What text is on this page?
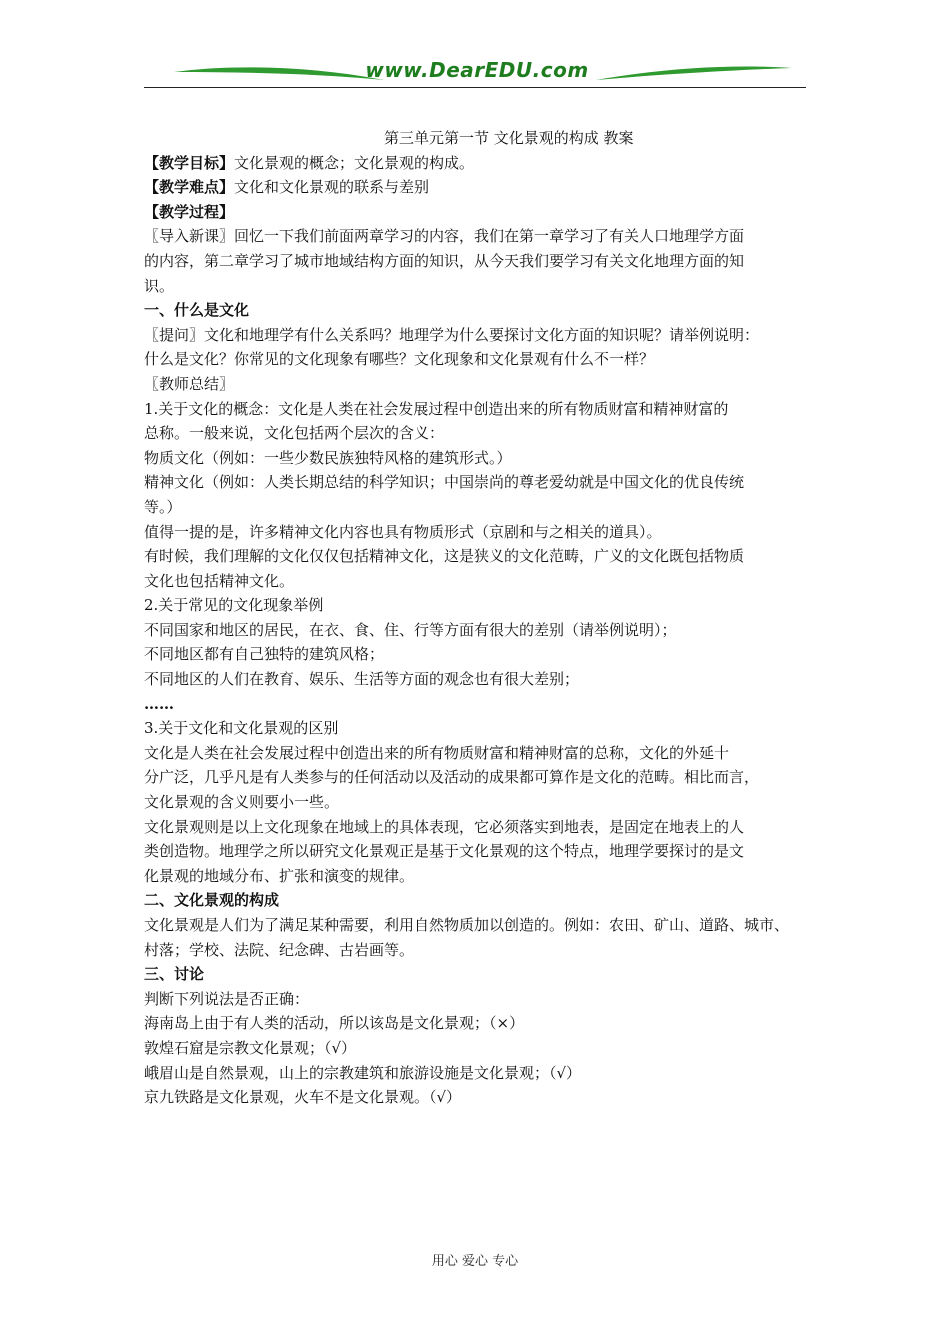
www.DearEDU.com

第三单元第一节 文化景观的构成 教案

【教学目标】文化景观的概念；文化景观的构成。

【教学难点】文化和文化景观的联系与差别

【教学过程】

〖导入新课〗回忆一下我们前面两章学习的内容，我们在第一章学习了有关人口地理学方面

的内容，第二章学习了城市地域结构方面的知识，从今天我们要学习有关文化地理方面的知

识。

一、什么是文化

〖提问〗文化和地理学有什么关系吗？地理学为什么要探讨文化方面的知识呢？请举例说明：

什么是文化？你常见的文化现象有哪些？文化现象和文化景观有什么不一样？

〖教师总结〗

1.关于文化的概念：文化是人类在社会发展过程中创造出来的所有物质财富和精神财富的

总称。一般来说，文化包括两个层次的含义：

物质文化（例如：一些少数民族独特风格的建筑形式。）

精神文化（例如：人类长期总结的科学知识；中国崇尚的尊老爱幼就是中国文化的优良传统

等。）

值得一提的是，许多精神文化内容也具有物质形式（京剧和与之相关的道具）。

有时候，我们理解的文化仅仅包括精神文化，这是狭义的文化范畴，广义的文化既包括物质

文化也包括精神文化。

2.关于常见的文化现象举例

不同国家和地区的居民，在衣、食、住、行等方面有很大的差别（请举例说明）；

不同地区都有自己独特的建筑风格；

不同地区的人们在教育、娱乐、生活等方面的观念也有很大差别；

……

3.关于文化和文化景观的区别

文化是人类在社会发展过程中创造出来的所有物质财富和精神财富的总称，文化的外延十

分广泛，几乎凡是有人类参与的任何活动以及活动的成果都可算作是文化的范畴。相比而言，

文化景观的含义则要小一些。

文化景观则是以上文化现象在地域上的具体表现，它必须落实到地表，是固定在地表上的人

类创造物。地理学之所以研究文化景观正是基于文化景观的这个特点，地理学要探讨的是文

化景观的地域分布、扩张和演变的规律。

二、文化景观的构成

文化景观是人们为了满足某种需要，利用自然物质加以创造的。例如：农田、矿山、道路、城市、

村落；学校、法院、纪念碑、古岩画等。

三、讨论

判断下列说法是否正确：

海南岛上由于有人类的活动，所以该岛是文化景观；（×）

敦煌石窟是宗教文化景观；（√）

峨眉山是自然景观，山上的宗教建筑和旅游设施是文化景观；（√）

京九铁路是文化景观，火车不是文化景观。（√）

用心 爱心 专心
